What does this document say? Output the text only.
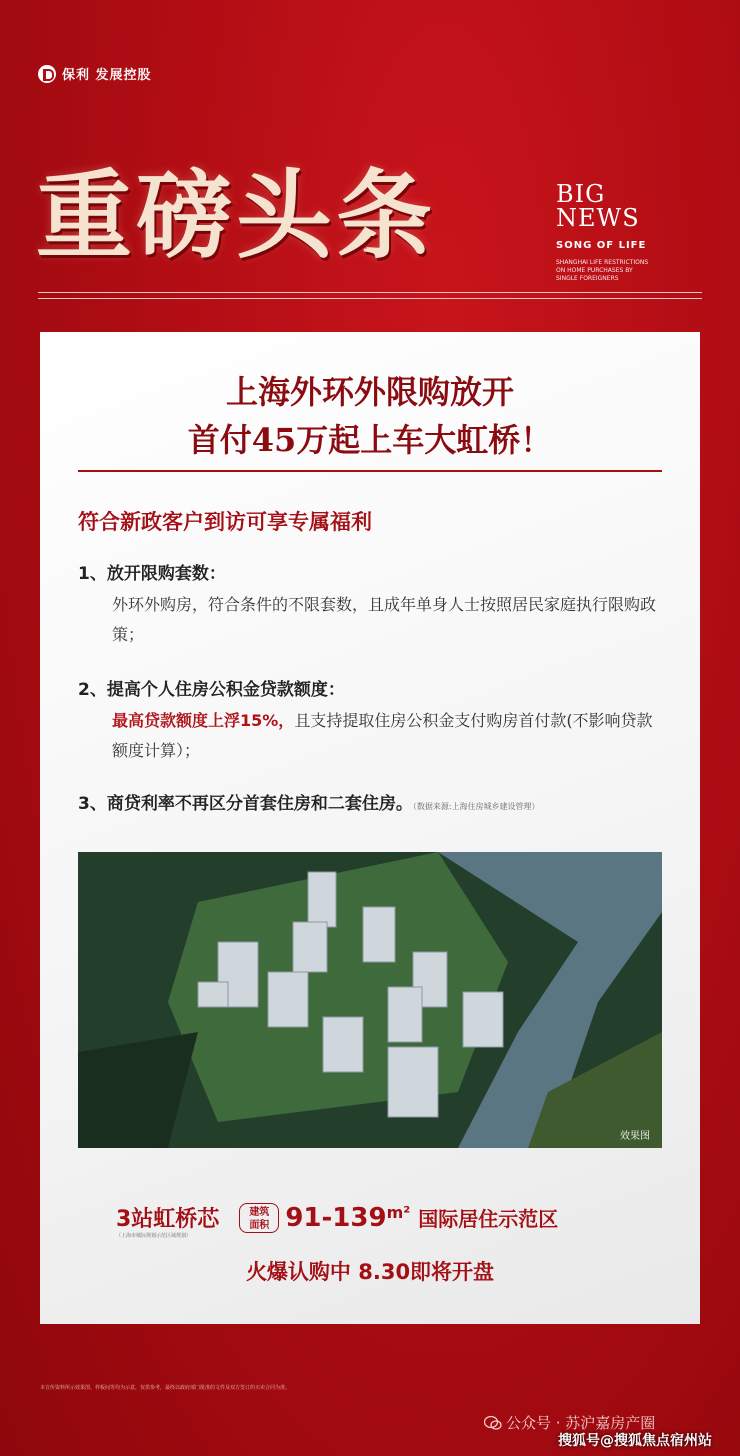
保利 发展控股
重磅头条	BIG
NEWS
SONG OF LIFE
SHANGHAI LIFE RESTRICTIONS ON HOME PURCHASES BY SINGLE FOREIGNERS
上海外环外限购放开
首付45万起上车大虹桥！
符合新政客户到访可享专属福利
1、放开限购套数：
外环外购房，符合条件的不限套数，且成年单身人士按照居民家庭执行限购政策；
2、提高个人住房公积金贷款额度：
最高贷款额度上浮15%，且支持提取住房公积金支付购房首付款(不影响贷款额度计算）；
3、商贷利率不再区分首套住房和二套住房。（数据来源:上海住房城乡建设管理）
效果图
3站虹桥芯
（上海市城际规划示范区域规划）
建筑
面积 $91-139^{m^2}$ 国际居住示范区
火爆认购中 8.30即将开盘
本宣传资料所示效果图、样板间等均为示意，仅供参考，最终以政府部门批准的文件及双方签订的买卖合同为准。
公众号 · 苏沪嘉房产圈
搜狐号@搜狐焦点宿州站
